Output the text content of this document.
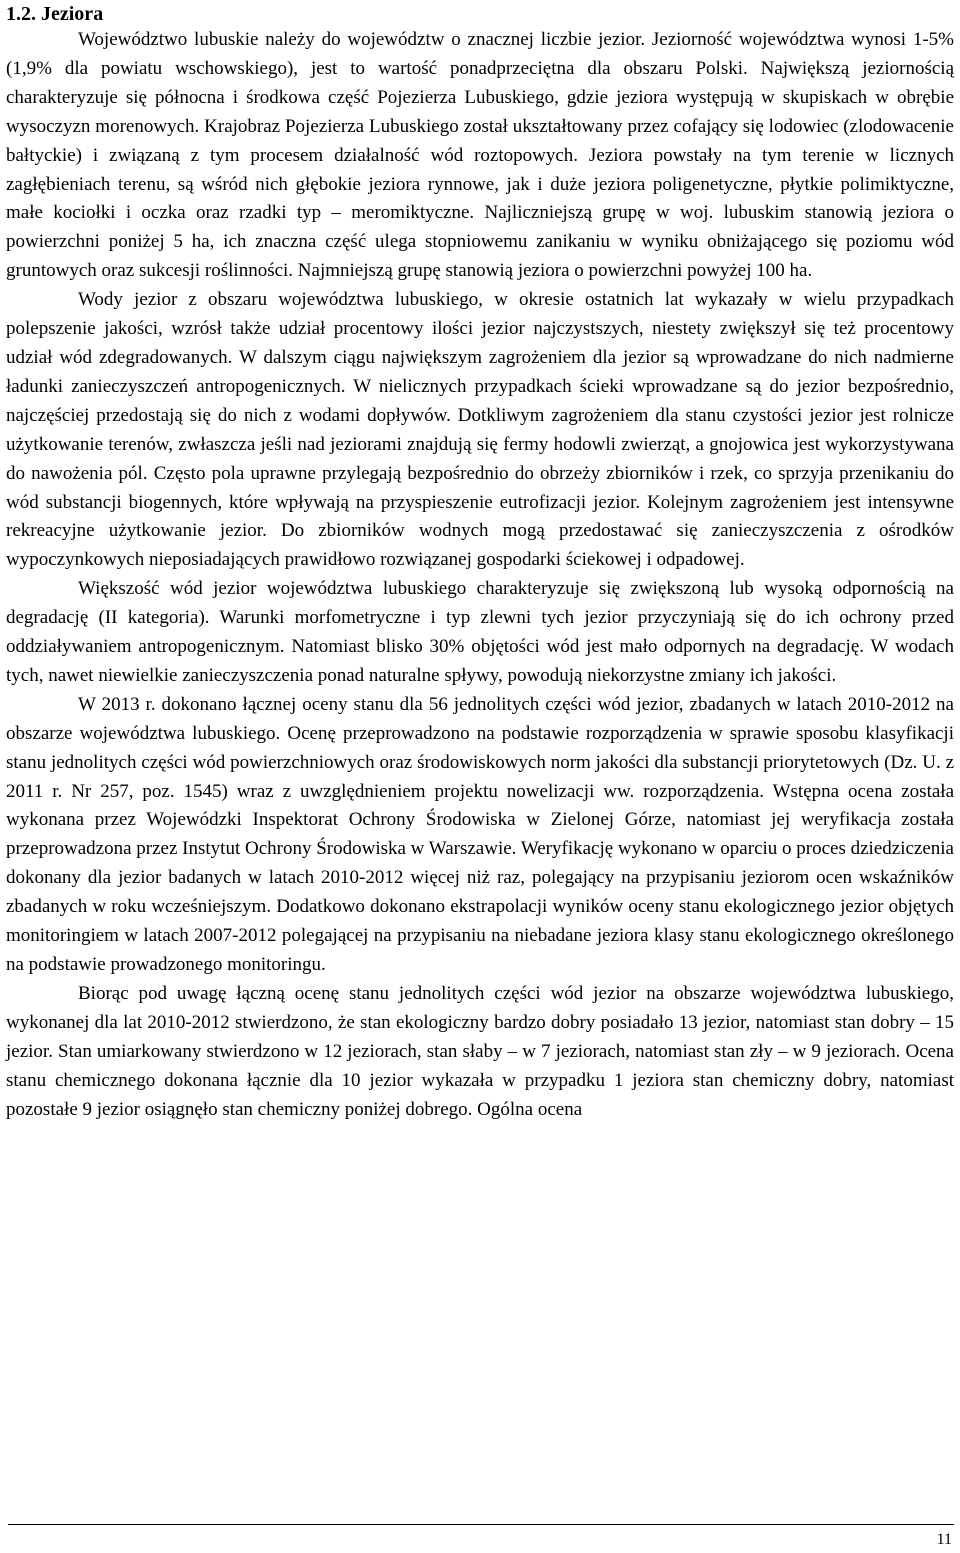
1.2. Jeziora

Województwo lubuskie należy do województw o znacznej liczbie jezior. Jeziorność województwa wynosi 1-5% (1,9% dla powiatu wschowskiego), jest to wartość ponadprzeciętna dla obszaru Polski. Największą jeziornością charakteryzuje się północna i środkowa część Pojezierza Lubuskiego, gdzie jeziora występują w skupiskach w obrębie wysoczyzn morenowych. Krajobraz Pojezierza Lubuskiego został ukształtowany przez cofający się lodowiec (zlodowacenie bałtyckie) i związaną z tym procesem działalność wód roztopowych. Jeziora powstały na tym terenie w licznych zagłębieniach terenu, są wśród nich głębokie jeziora rynnowe, jak i duże jeziora poligenetyczne, płytkie polimiktyczne, małe kociołki i oczka oraz rzadki typ – meromiktyczne. Najliczniejszą grupę w woj. lubuskim stanowią jeziora o powierzchni poniżej 5 ha, ich znaczna część ulega stopniowemu zanikaniu w wyniku obniżającego się poziomu wód gruntowych oraz sukcesji roślinności. Najmniejszą grupę stanowią jeziora o powierzchni powyżej 100 ha.

Wody jezior z obszaru województwa lubuskiego, w okresie ostatnich lat wykazały w wielu przypadkach polepszenie jakości, wzrósł także udział procentowy ilości jezior najczystszych, niestety zwiększył się też procentowy udział wód zdegradowanych. W dalszym ciągu największym zagrożeniem dla jezior są wprowadzane do nich nadmierne ładunki zanieczyszczeń antropogenicznych. W nielicznych przypadkach ścieki wprowadzane są do jezior bezpośrednio, najczęściej przedostają się do nich z wodami dopływów. Dotkliwym zagrożeniem dla stanu czystości jezior jest rolnicze użytkowanie terenów, zwłaszcza jeśli nad jeziorami znajdują się fermy hodowli zwierząt, a gnojowica jest wykorzystywana do nawożenia pól. Często pola uprawne przylegają bezpośrednio do obrzeży zbiorników i rzek, co sprzyja przenikaniu do wód substancji biogennych, które wpływają na przyspieszenie eutrofizacji jezior. Kolejnym zagrożeniem jest intensywne rekreacyjne użytkowanie jezior. Do zbiorników wodnych mogą przedostawać się zanieczyszczenia z ośrodków wypoczynkowych nieposiadających prawidłowo rozwiązanej gospodarki ściekowej i odpadowej.

Większość wód jezior województwa lubuskiego charakteryzuje się zwiększoną lub wysoką odpornością na degradację (II kategoria). Warunki morfometryczne i typ zlewni tych jezior przyczyniają się do ich ochrony przed oddziaływaniem antropogenicznym. Natomiast blisko 30% objętości wód jest mało odpornych na degradację. W wodach tych, nawet niewielkie zanieczyszczenia ponad naturalne spływy, powodują niekorzystne zmiany ich jakości.

W 2013 r. dokonano łącznej oceny stanu dla 56 jednolitych części wód jezior, zbadanych w latach 2010-2012 na obszarze województwa lubuskiego. Ocenę przeprowadzono na podstawie rozporządzenia w sprawie sposobu klasyfikacji stanu jednolitych części wód powierzchniowych oraz środowiskowych norm jakości dla substancji priorytetowych (Dz. U. z 2011 r. Nr 257, poz. 1545) wraz z uwzględnieniem projektu nowelizacji ww. rozporządzenia. Wstępna ocena została wykonana przez Wojewódzki Inspektorat Ochrony Środowiska w Zielonej Górze, natomiast jej weryfikacja została przeprowadzona przez Instytut Ochrony Środowiska w Warszawie. Weryfikację wykonano w oparciu o proces dziedziczenia dokonany dla jezior badanych w latach 2010-2012 więcej niż raz, polegający na przypisaniu jeziorom ocen wskaźników zbadanych w roku wcześniejszym. Dodatkowo dokonano ekstrapolacji wyników oceny stanu ekologicznego jezior objętych monitoringiem w latach 2007-2012 polegającej na przypisaniu na niebadane jeziora klasy stanu ekologicznego określonego na podstawie prowadzonego monitoringu.

Biorąc pod uwagę łączną ocenę stanu jednolitych części wód jezior na obszarze województwa lubuskiego, wykonanej dla lat 2010-2012 stwierdzono, że stan ekologiczny bardzo dobry posiadało 13 jezior, natomiast stan dobry – 15 jezior. Stan umiarkowany stwierdzono w 12 jeziorach, stan słaby – w 7 jeziorach, natomiast stan zły – w 9 jeziorach. Ocena stanu chemicznego dokonana łącznie dla 10 jezior wykazała w przypadku 1 jeziora stan chemiczny dobry, natomiast pozostałe 9 jezior osiągnęło stan chemiczny poniżej dobrego. Ogólna ocena

11
